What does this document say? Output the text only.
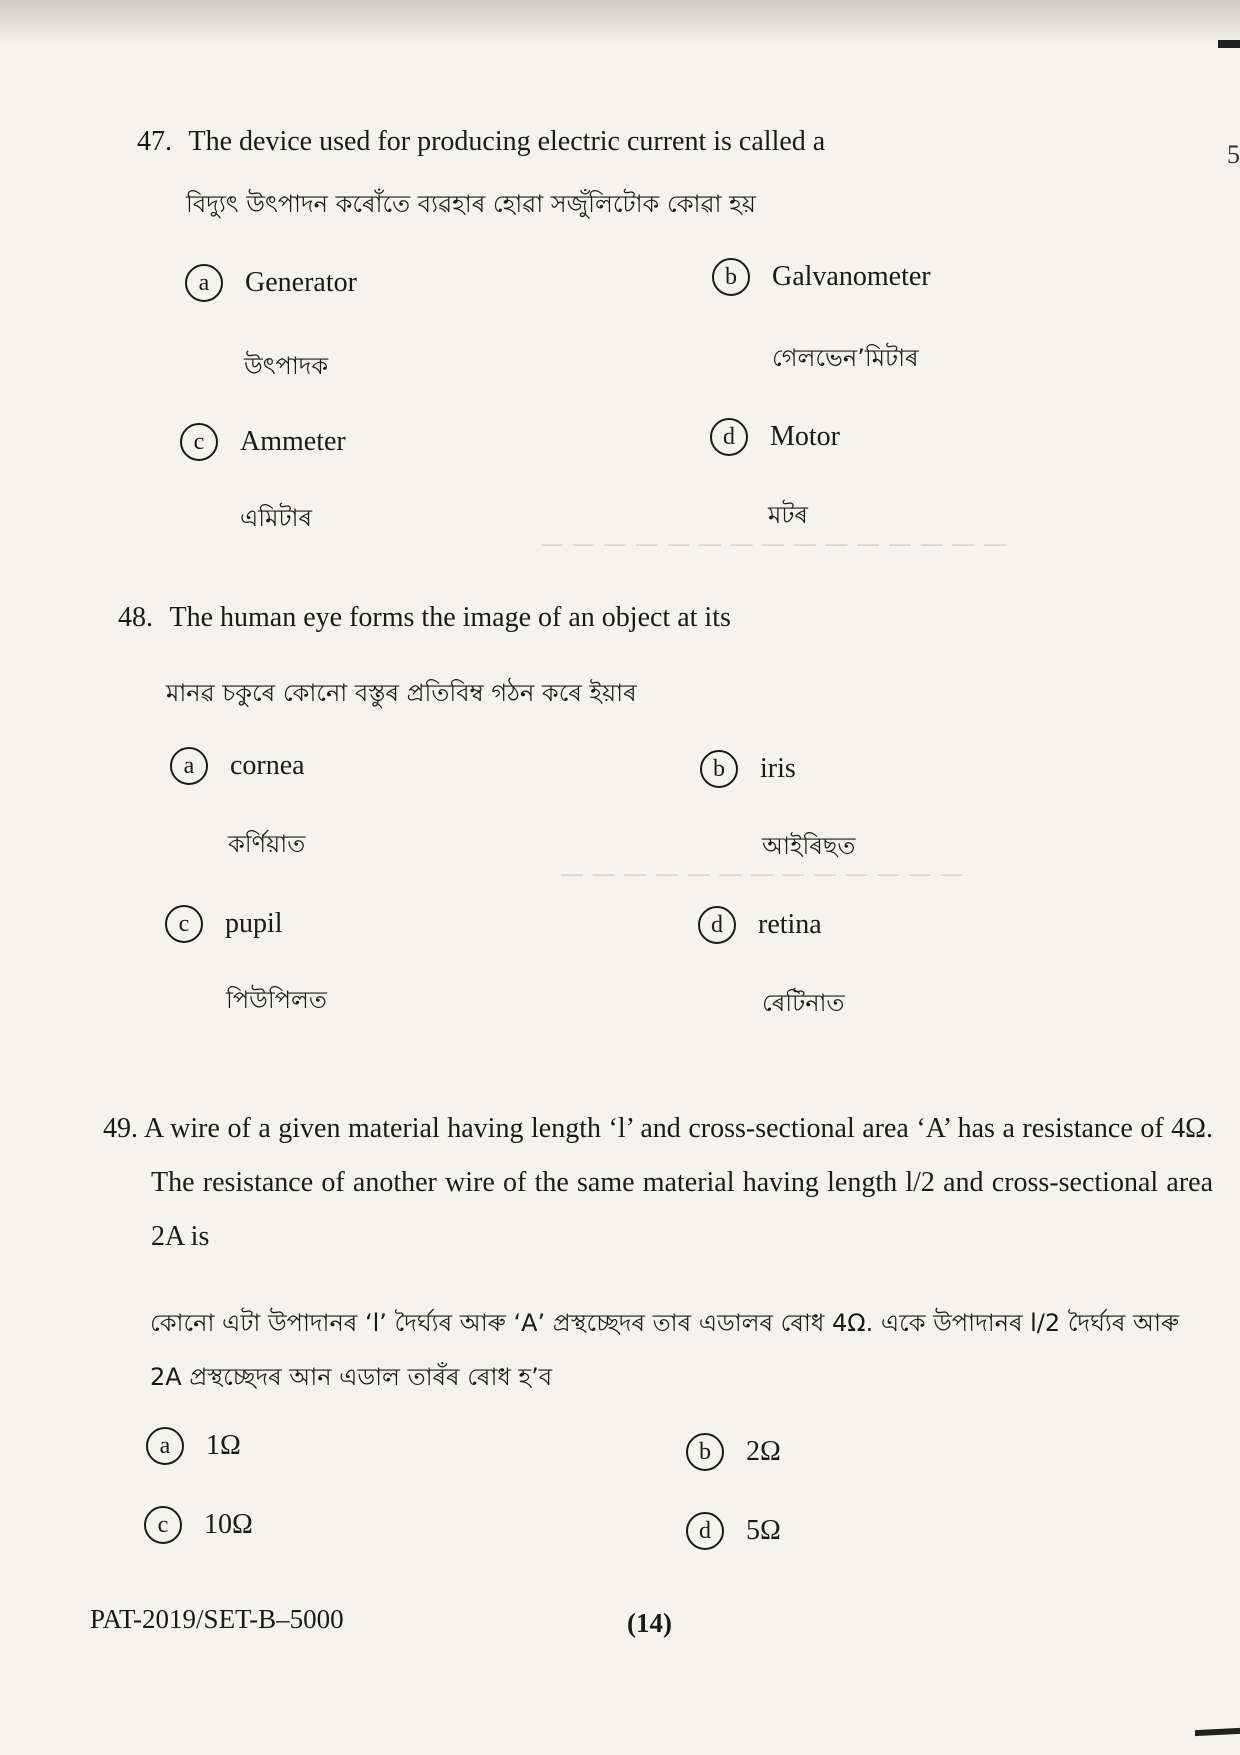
5
— — — — — — — — — — — — — — —
— — — — — — — — — — — — —
47. The device used for producing electric current is called a
বিদ্যুৎ উৎপাদন কৰোঁতে ব্যৱহাৰ হোৱা সজুঁলিটোক কোৱা হয়
a	Generator
উৎপাদক
b	Galvanometer
গেলভেন’মিটাৰ
c	Ammeter
এমিটাৰ
d	Motor
মটৰ
48. The human eye forms the image of an object at its
মানৱ চকুৰে কোনো বস্তুৰ প্ৰতিবিম্ব গঠন কৰে ইয়াৰ
a	cornea
কৰ্ণিয়াত
b	iris
আইৰিছত
c	pupil
পিউপিলত
d	retina
ৰেটিনাত
49. A wire of a given material having length ‘l’ and cross-sectional area ‘A’ has a resistance of 4Ω. The resistance of another wire of the same material having length l/2 and cross-sectional area 2A is
কোনো এটা উপাদানৰ ‘l’ দৈৰ্ঘ্যৰ আৰু ‘A’ প্ৰস্থচ্ছেদৰ তাৰ এডালৰ ৰোধ 4Ω. একে উপাদানৰ l/2 দৈৰ্ঘ্যৰ আৰু 2A প্ৰস্থচ্ছেদৰ আন এডাল তাৰঁৰ ৰোধ হ’ব
a	1Ω	b	2Ω
c	10Ω	d	5Ω
PAT-2019/SET-B–5000	(14)
